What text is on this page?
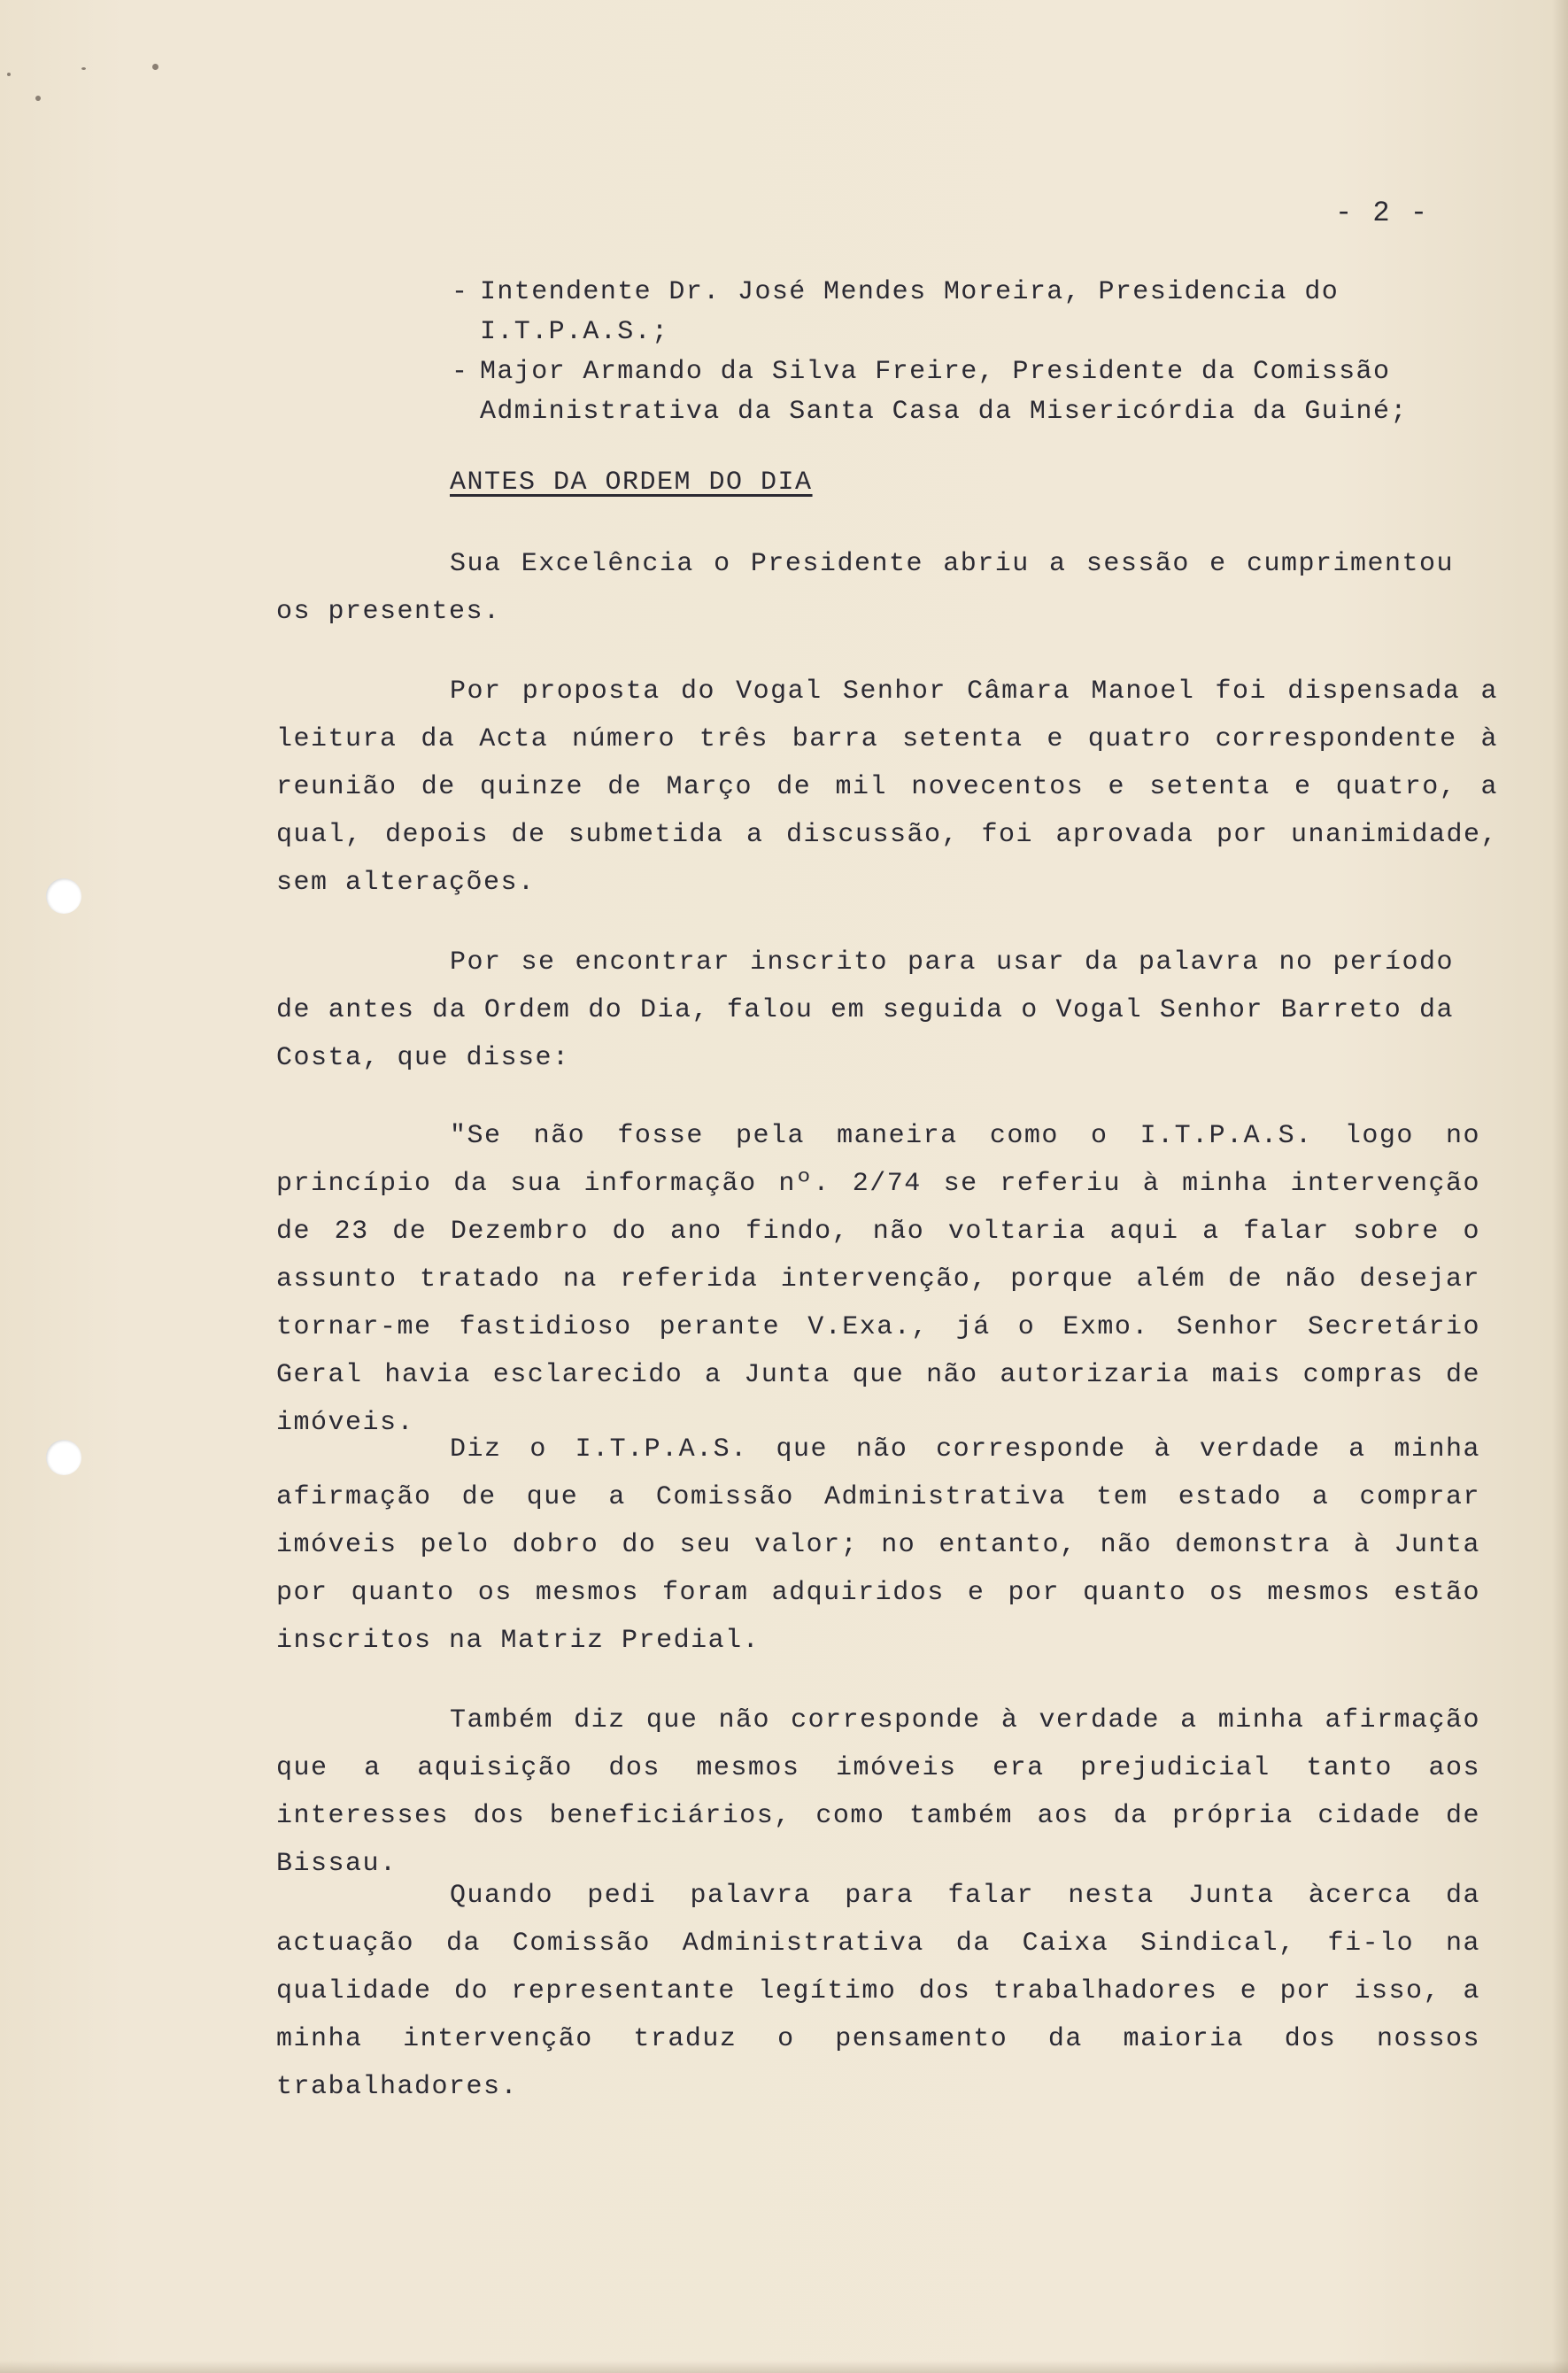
- 2 -
- Intendente Dr. José Mendes Moreira, Presidencia do I.T.P.A.S.;
- Major Armando da Silva Freire, Presidente da Comissão Administrativa da Santa Casa da Misericórdia da Guiné;
ANTES DA ORDEM DO DIA
Sua Excelência o Presidente abriu a sessão e cumprimentou os presentes.
Por proposta do Vogal Senhor Câmara Manoel foi dispensada a leitura da Acta número três barra setenta e quatro correspondente à reunião de quinze de Março de mil novecentos e setenta e quatro, a qual, depois de submetida a discussão, foi aprovada por unanimidade, sem alterações.
Por se encontrar inscrito para usar da palavra no período de antes da Ordem do Dia, falou em seguida o Vogal Senhor Barreto da Costa, que disse:
"Se não fosse pela maneira como o I.T.P.A.S. logo no princípio da sua informação nº. 2/74 se referiu à minha intervenção de 23 de Dezembro do ano findo, não voltaria aqui a falar sobre o assunto tratado na referida intervenção, porque além de não desejar tornar-me fastidioso perante V.Exa., já o Exmo. Senhor Secretário Geral havia esclarecido a Junta que não autorizaria mais compras de imóveis.
Diz o I.T.P.A.S. que não corresponde à verdade a minha afirmação de que a Comissão Administrativa tem estado a comprar imóveis pelo dobro do seu valor; no entanto, não demonstra à Junta por quanto os mesmos foram adquiridos e por quanto os mesmos estão inscritos na Matriz Predial.
Também diz que não corresponde à verdade a minha afirmação que a aquisição dos mesmos imóveis era prejudicial tanto aos interesses dos beneficiários, como também aos da própria cidade de Bissau.
Quando pedi palavra para falar nesta Junta àcerca da actuação da Comissão Administrativa da Caixa Sindical, fi-lo na qualidade do representante legítimo dos trabalhadores e por isso, a minha intervenção traduz o pensamento da maioria dos nossos trabalhadores.
